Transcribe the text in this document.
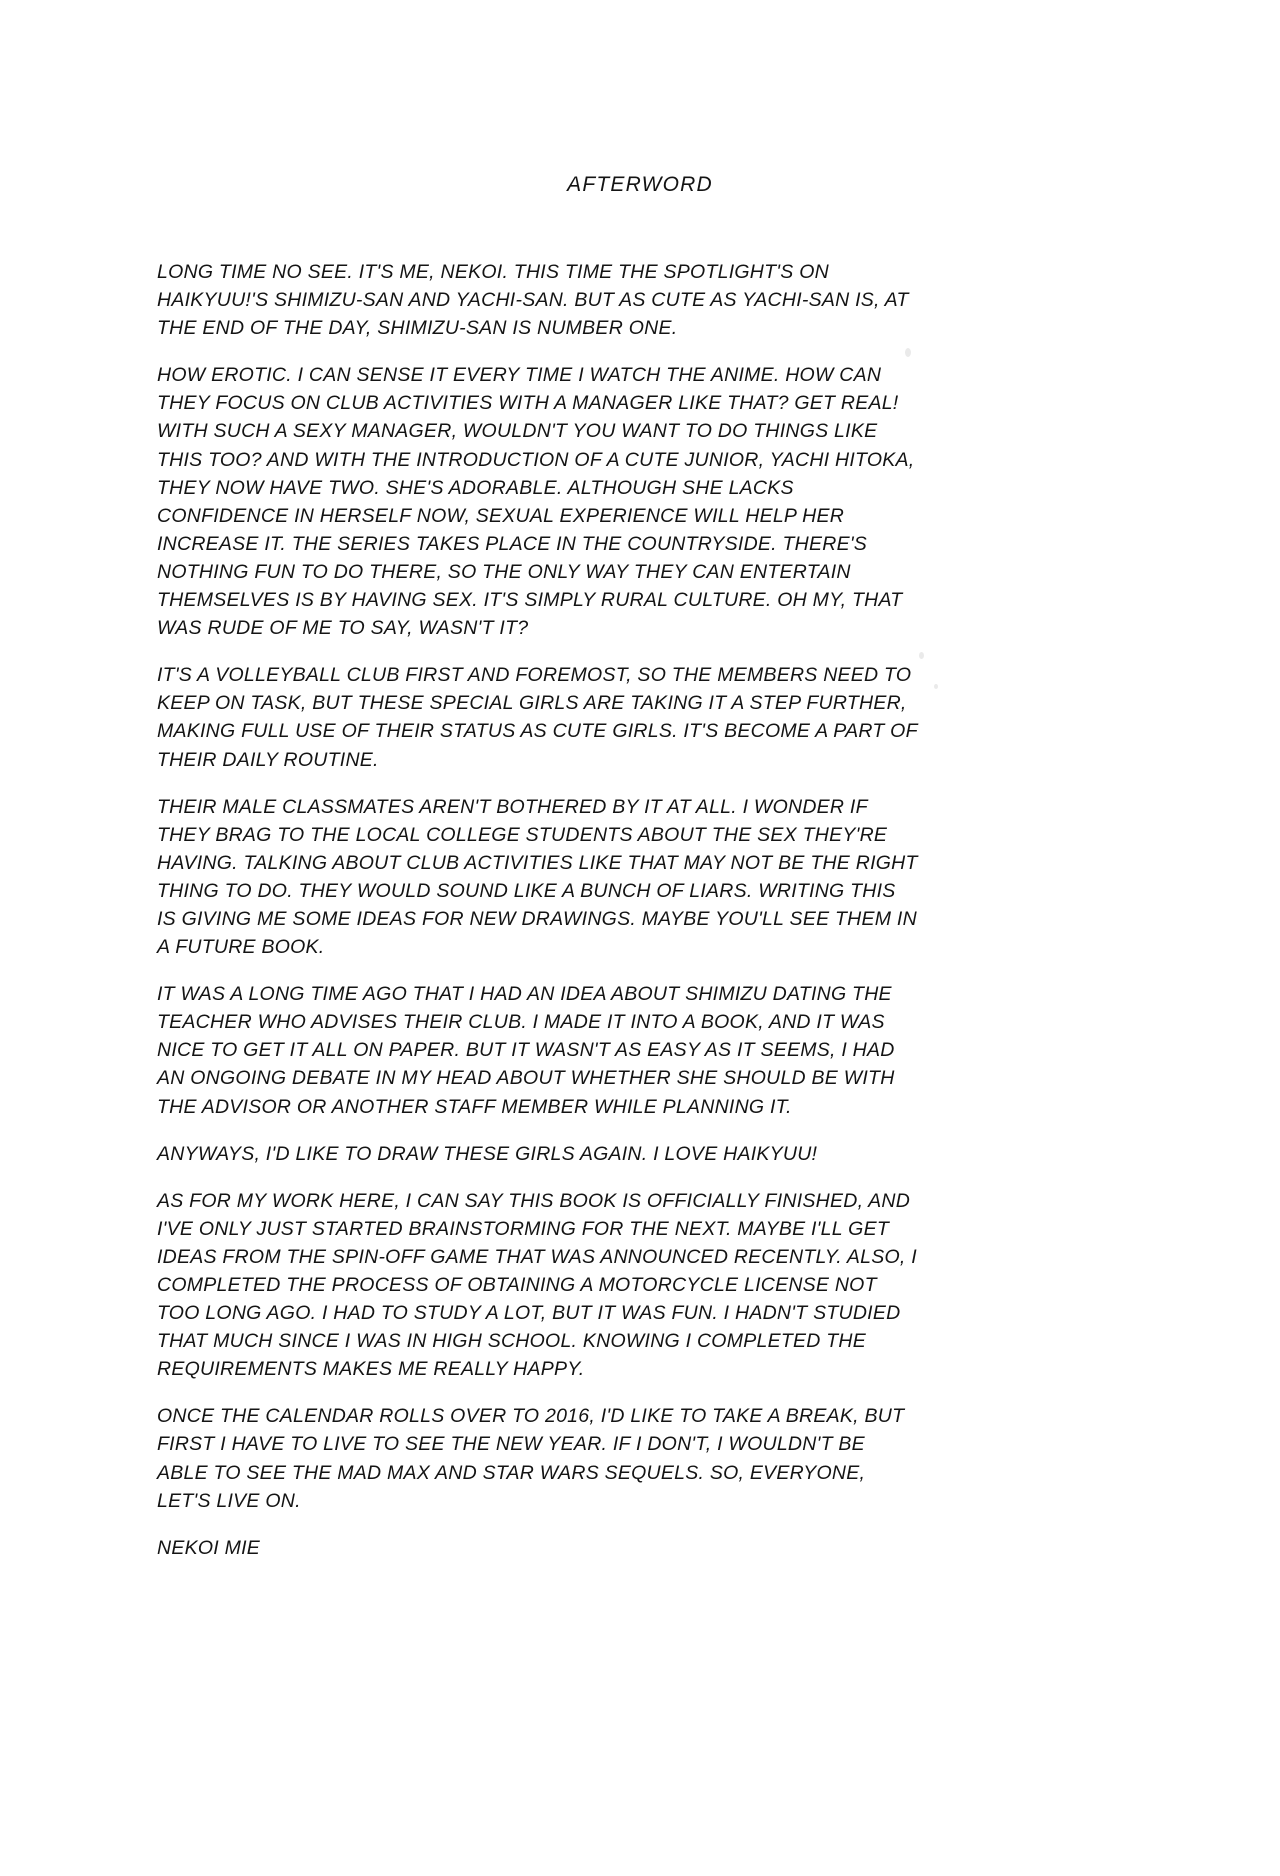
AFTERWORD

LONG TIME NO SEE. IT'S ME, NEKOI. THIS TIME THE SPOTLIGHT'S ON HAIKYUU!'S SHIMIZU-SAN AND YACHI-SAN. BUT AS CUTE AS YACHI-SAN IS, AT THE END OF THE DAY, SHIMIZU-SAN IS NUMBER ONE.

HOW EROTIC. I CAN SENSE IT EVERY TIME I WATCH THE ANIME. HOW CAN THEY FOCUS ON CLUB ACTIVITIES WITH A MANAGER LIKE THAT? GET REAL! WITH SUCH A SEXY MANAGER, WOULDN'T YOU WANT TO DO THINGS LIKE THIS TOO? AND WITH THE INTRODUCTION OF A CUTE JUNIOR, YACHI HITOKA, THEY NOW HAVE TWO. SHE'S ADORABLE. ALTHOUGH SHE LACKS CONFIDENCE IN HERSELF NOW, SEXUAL EXPERIENCE WILL HELP HER INCREASE IT. THE SERIES TAKES PLACE IN THE COUNTRYSIDE. THERE'S NOTHING FUN TO DO THERE, SO THE ONLY WAY THEY CAN ENTERTAIN THEMSELVES IS BY HAVING SEX. IT'S SIMPLY RURAL CULTURE. OH MY, THAT WAS RUDE OF ME TO SAY, WASN'T IT?

IT'S A VOLLEYBALL CLUB FIRST AND FOREMOST, SO THE MEMBERS NEED TO KEEP ON TASK, BUT THESE SPECIAL GIRLS ARE TAKING IT A STEP FURTHER, MAKING FULL USE OF THEIR STATUS AS CUTE GIRLS. IT'S BECOME A PART OF THEIR DAILY ROUTINE.

THEIR MALE CLASSMATES AREN'T BOTHERED BY IT AT ALL. I WONDER IF THEY BRAG TO THE LOCAL COLLEGE STUDENTS ABOUT THE SEX THEY'RE HAVING. TALKING ABOUT CLUB ACTIVITIES LIKE THAT MAY NOT BE THE RIGHT THING TO DO. THEY WOULD SOUND LIKE A BUNCH OF LIARS. WRITING THIS IS GIVING ME SOME IDEAS FOR NEW DRAWINGS. MAYBE YOU'LL SEE THEM IN A FUTURE BOOK.

IT WAS A LONG TIME AGO THAT I HAD AN IDEA ABOUT SHIMIZU DATING THE TEACHER WHO ADVISES THEIR CLUB. I MADE IT INTO A BOOK, AND IT WAS NICE TO GET IT ALL ON PAPER. BUT IT WASN'T AS EASY AS IT SEEMS, I HAD AN ONGOING DEBATE IN MY HEAD ABOUT WHETHER SHE SHOULD BE WITH THE ADVISOR OR ANOTHER STAFF MEMBER WHILE PLANNING IT.

ANYWAYS, I'D LIKE TO DRAW THESE GIRLS AGAIN. I LOVE HAIKYUU!

AS FOR MY WORK HERE, I CAN SAY THIS BOOK IS OFFICIALLY FINISHED, AND I'VE ONLY JUST STARTED BRAINSTORMING FOR THE NEXT. MAYBE I'LL GET IDEAS FROM THE SPIN-OFF GAME THAT WAS ANNOUNCED RECENTLY. ALSO, I COMPLETED THE PROCESS OF OBTAINING A MOTORCYCLE LICENSE NOT TOO LONG AGO. I HAD TO STUDY A LOT, BUT IT WAS FUN. I HADN'T STUDIED THAT MUCH SINCE I WAS IN HIGH SCHOOL. KNOWING I COMPLETED THE REQUIREMENTS MAKES ME REALLY HAPPY.

ONCE THE CALENDAR ROLLS OVER TO 2016, I'D LIKE TO TAKE A BREAK, BUT FIRST I HAVE TO LIVE TO SEE THE NEW YEAR. IF I DON'T, I WOULDN'T BE ABLE TO SEE THE MAD MAX AND STAR WARS SEQUELS. SO, EVERYONE, LET'S LIVE ON.

NEKOI MIE
